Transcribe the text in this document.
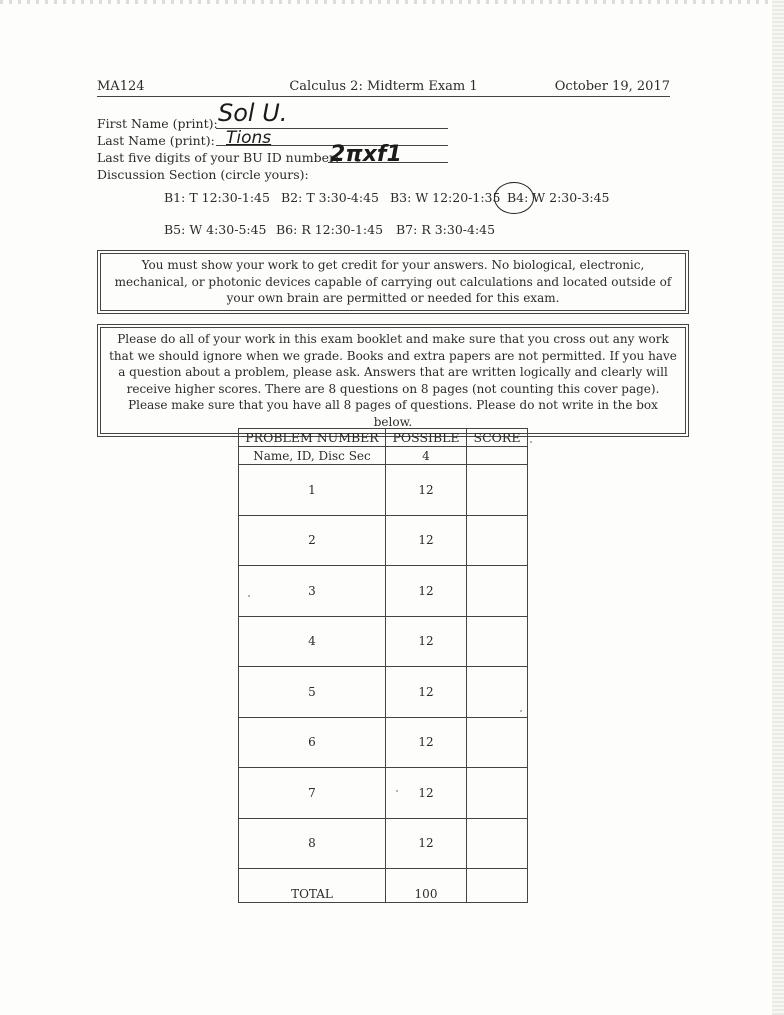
MA124	Calculus 2: Midterm Exam 1	October 19, 2017
First Name (print): Sol U.
Last Name (print): Tions
Last five digits of your BU ID number:
2πxf1
Discussion Section (circle yours):
B1: T 12:30-1:45 B2: T 3:30-4:45 B3: W 12:20-1:35 B4: W 2:30-3:45
B5: W 4:30-5:45 B6: R 12:30-1:45 B7: R 3:30-4:45
You must show your work to get credit for your answers. No biological, electronic, mechanical, or photonic devices capable of carrying out calculations and located outside of your own brain are permitted or needed for this exam.
Please do all of your work in this exam booklet and make sure that you cross out any work that we should ignore when we grade. Books and extra papers are not permitted. If you have a question about a problem, please ask. Answers that are written logically and clearly will receive higher scores. There are 8 questions on 8 pages (not counting this cover page). Please make sure that you have all 8 pages of questions. Please do not write in the box below.
PROBLEM NUMBER	POSSIBLE	SCORE
Name, ID, Disc Sec	4	
1	12	
2	12	
3	12	
4	12	
5	12	
6	12	
7	12	
8	12	
TOTAL	100	
